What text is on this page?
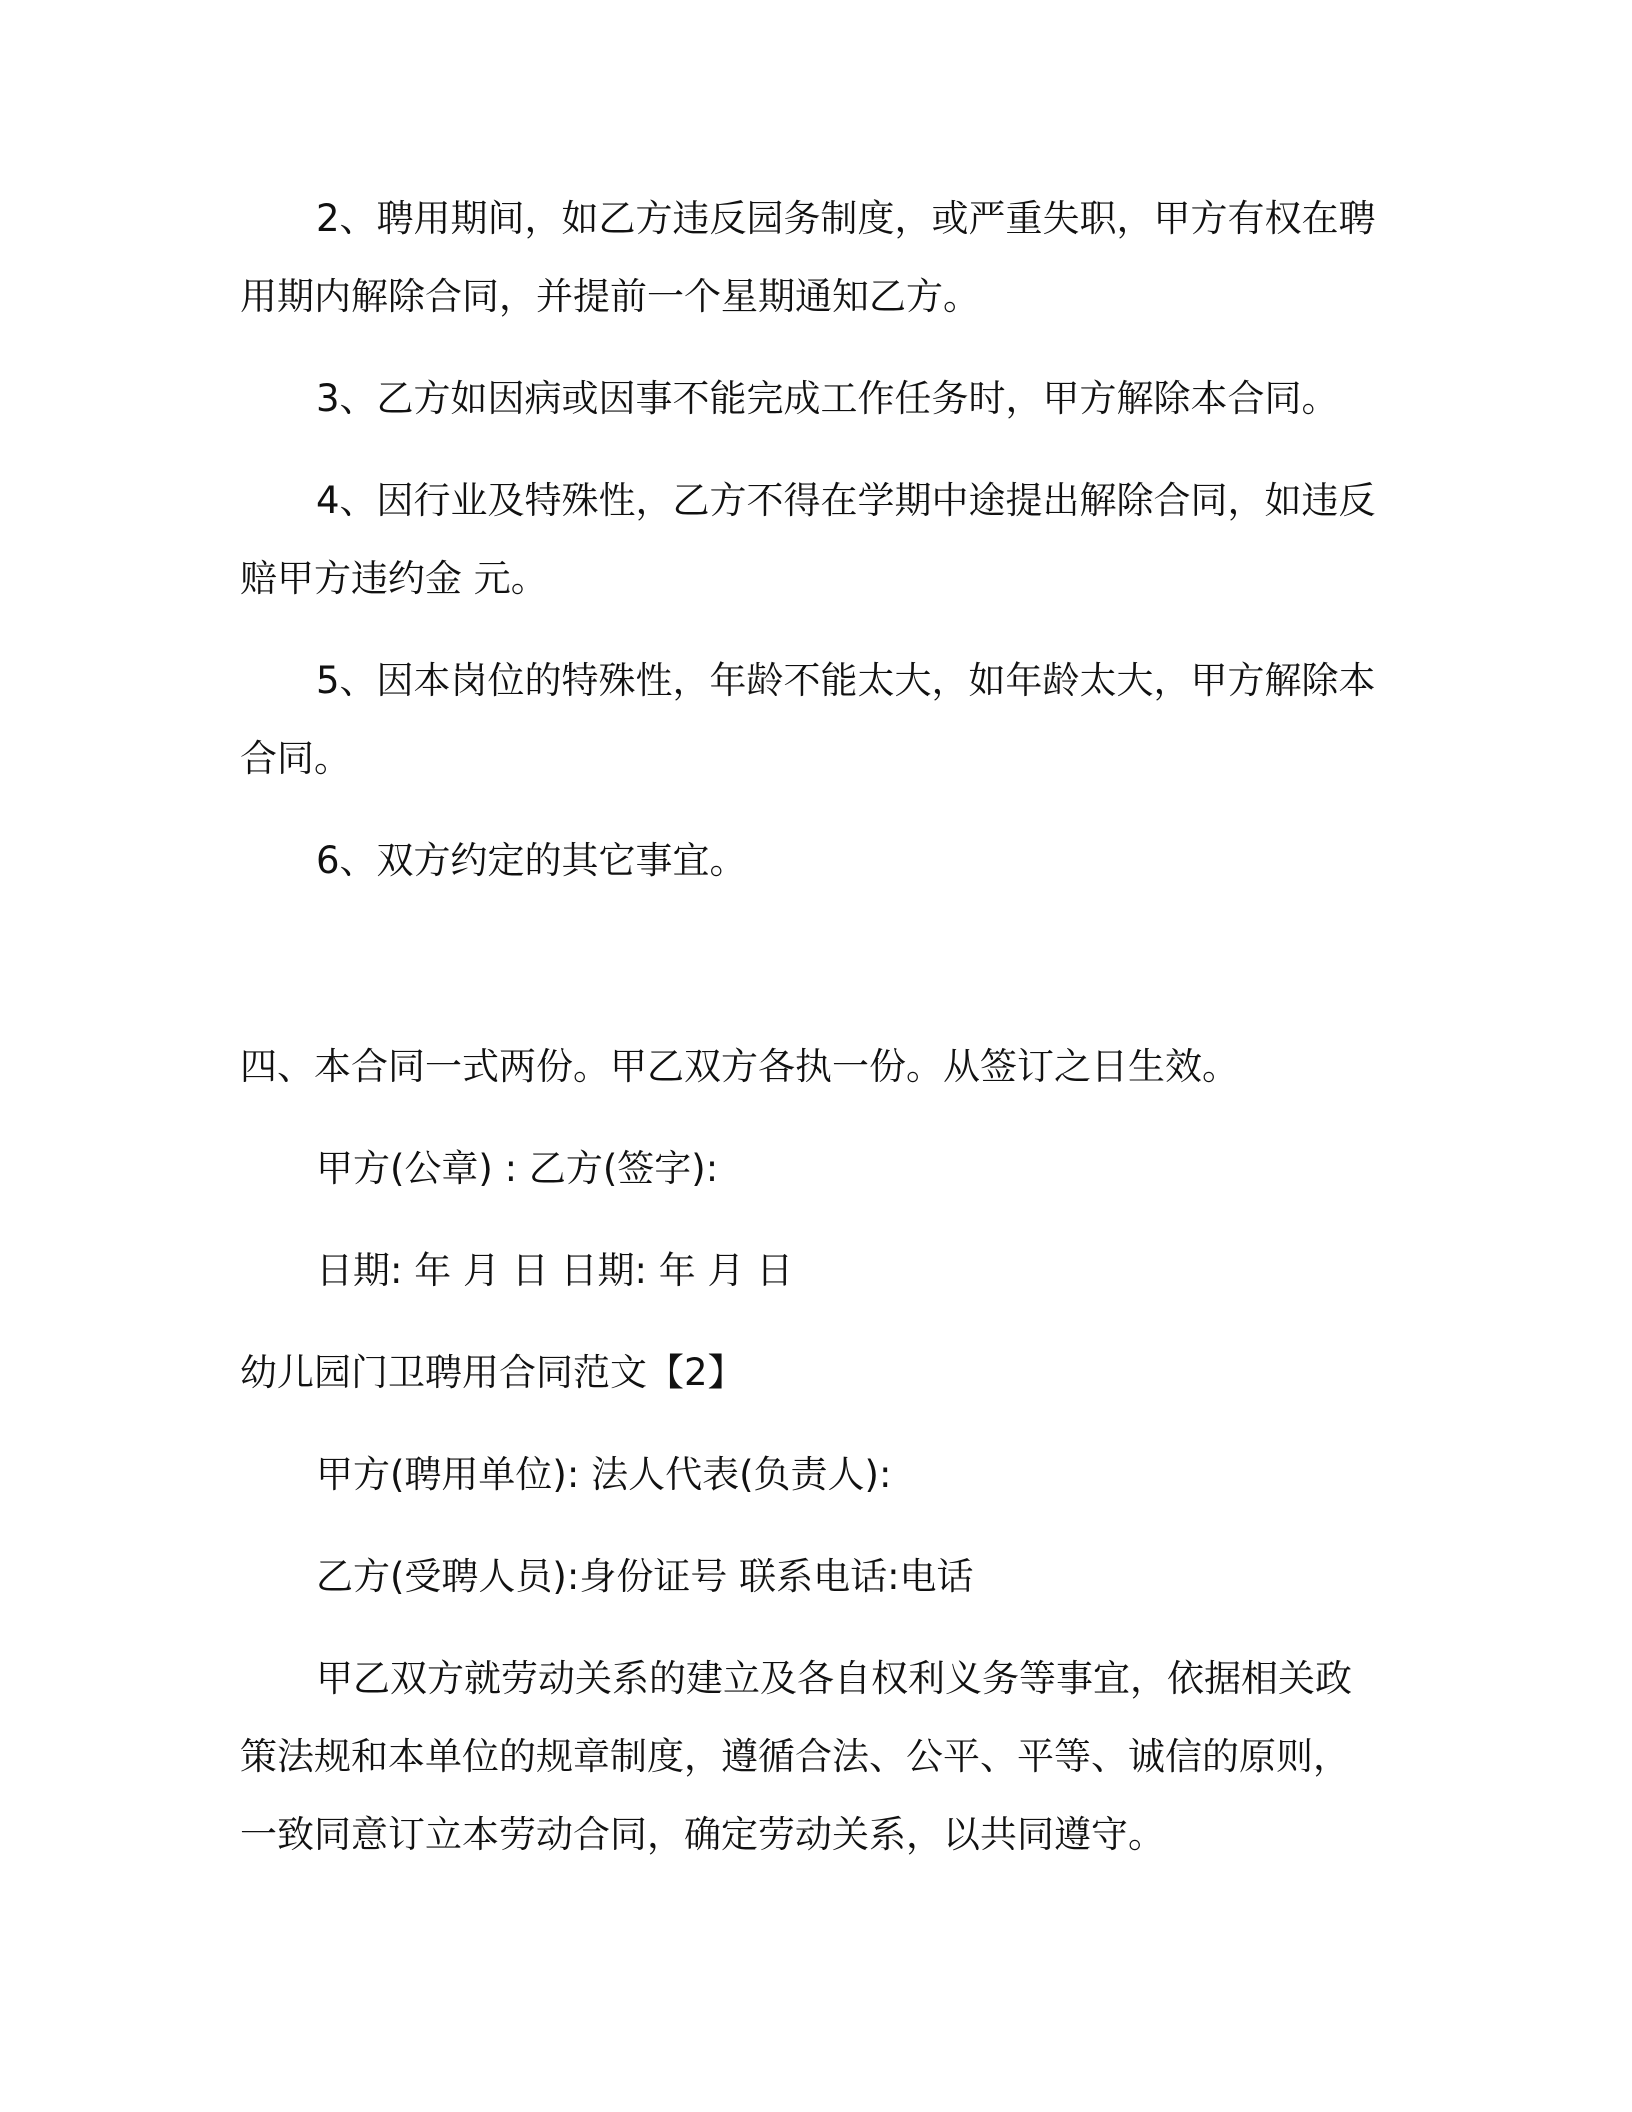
2、聘用期间，如乙方违反园务制度，或严重失职，甲方有权在聘
用期内解除合同，并提前一个星期通知乙方。
3、乙方如因病或因事不能完成工作任务时，甲方解除本合同。
4、因行业及特殊性，乙方不得在学期中途提出解除合同，如违反
赔甲方违约金 元。
5、因本岗位的特殊性，年龄不能太大，如年龄太大，甲方解除本
合同。
6、双方约定的其它事宜。
四、本合同一式两份。甲乙双方各执一份。从签订之日生效。
甲方(公章) : 乙方(签字):
日期: 年 月 日 日期: 年 月 日
幼儿园门卫聘用合同范文【2】
甲方(聘用单位): 法人代表(负责人):
乙方(受聘人员):身份证号 联系电话:电话
甲乙双方就劳动关系的建立及各自权利义务等事宜，依据相关政
策法规和本单位的规章制度，遵循合法、公平、平等、诚信的原则，
一致同意订立本劳动合同，确定劳动关系，以共同遵守。
